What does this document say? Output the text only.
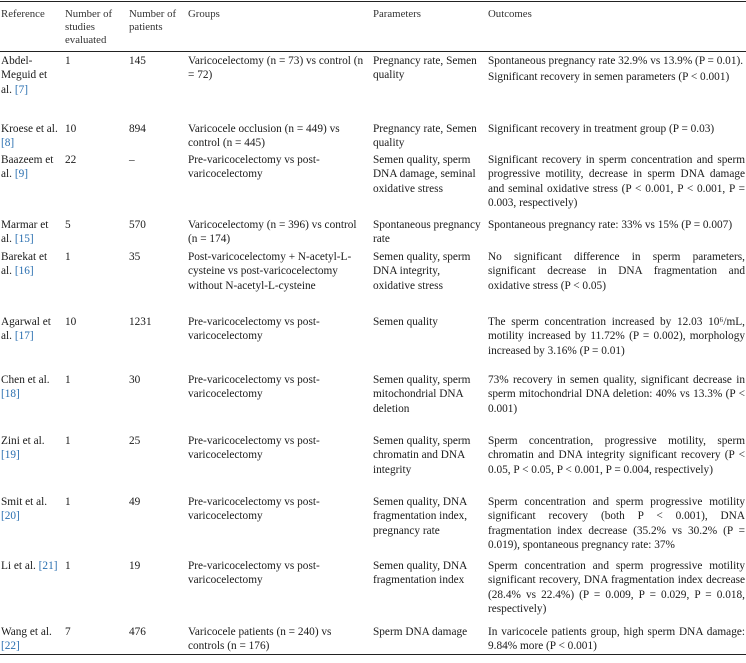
Reference	Number of studies evaluated	Number of patients	Groups	Parameters	Outcomes
Abdel-Meguid et al. [7]	1	145	Varicocelectomy (n = 73) vs control (n = 72)	Pregnancy rate, Semen quality	Spontaneous pregnancy rate 32.9% vs 13.9% (P = 0.01).
Significant recovery in semen parameters (P < 0.001)

Kroese et al. [8]	10	894	Varicocele occlusion (n = 449) vs control (n = 445)	Pregnancy rate, Semen quality	Significant recovery in treatment group (P = 0.03)
Baazeem et al. [9]	22	–	Pre-varicocelectomy vs post-varicocelectomy	Semen quality, sperm DNA damage, seminal oxidative stress	Significant recovery in sperm concentration and sperm progressive motility, decrease in sperm DNA damage and seminal oxidative stress (P < 0.001, P < 0.001, P = 0.003, respectively)
Marmar et al. [15]	5	570	Varicocelectomy (n = 396) vs control (n = 174)	Spontaneous pregnancy rate	Spontaneous pregnancy rate: 33% vs 15% (P = 0.007)
Barekat et al. [16]	1	35	Post-varicocelectomy + N-acetyl-L-cysteine vs post-varicocelectomy without N-acetyl-L-cysteine	Semen quality, sperm DNA integrity, oxidative stress	No significant difference in sperm parameters, significant decrease in DNA fragmentation and oxidative stress (P < 0.05)
Agarwal et al. [17]	10	1231	Pre-varicocelectomy vs post-varicocelectomy	Semen quality	The sperm concentration increased by 12.03 10⁶/mL, motility increased by 11.72% (P = 0.002), morphology increased by 3.16% (P = 0.01)
Chen et al. [18]	1	30	Pre-varicocelectomy vs post-varicocelectomy	Semen quality, sperm mitochondrial DNA deletion	73% recovery in semen quality, significant decrease in sperm mitochondrial DNA deletion: 40% vs 13.3% (P < 0.001)
Zini et al. [19]	1	25	Pre-varicocelectomy vs post-varicocelectomy	Semen quality, sperm chromatin and DNA integrity	Sperm concentration, progressive motility, sperm chromatin and DNA integrity significant recovery (P < 0.05, P < 0.05, P < 0.001, P = 0.004, respectively)
Smit et al. [20]	1	49	Pre-varicocelectomy vs post-varicocelectomy	Semen quality, DNA fragmentation index, pregnancy rate	Sperm concentration and sperm progressive motility significant recovery (both P < 0.001), DNA fragmentation index decrease (35.2% vs 30.2% (P = 0.019), spontaneous pregnancy rate: 37%
Li et al. [21]	1	19	Pre-varicocelectomy vs post-varicocelectomy	Semen quality, DNA fragmentation index	Sperm concentration and sperm progressive motility significant recovery, DNA fragmentation index decrease (28.4% vs 22.4%) (P = 0.009, P = 0.029, P = 0.018, respectively)
Wang et al. [22]	7	476	Varicocele patients (n = 240) vs controls (n = 176)	Sperm DNA damage	In varicocele patients group, high sperm DNA damage: 9.84% more (P < 0.001)
